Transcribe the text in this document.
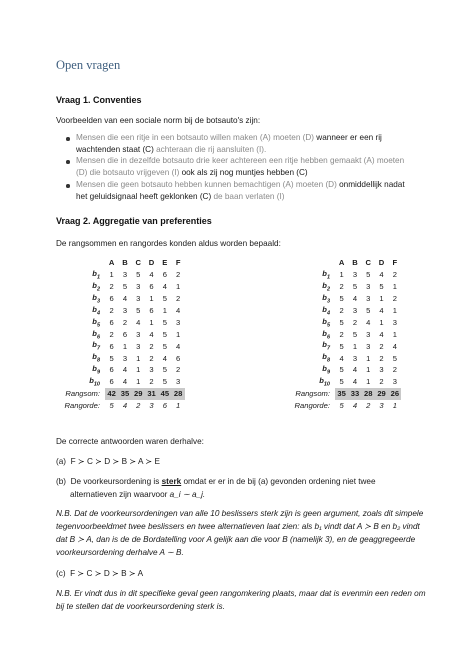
Open vragen
Vraag 1. Conventies
Voorbeelden van een sociale norm bij de botsauto's zijn:
Mensen die een ritje in een botsauto willen maken (A) moeten (D) wanneer er een rij wachtenden staat (C) achteraan die rij aansluiten (I).
Mensen die in dezelfde botsauto drie keer achtereen een ritje hebben gemaakt (A) moeten (D) die botsauto vrijgeven (I) ook als zij nog muntjes hebben (C)
Mensen die geen botsauto hebben kunnen bemachtigen (A) moeten (D) onmiddellijk nadat het geluidsignaal heeft geklonken (C) de baan verlaten (I)
Vraag 2. Aggregatie van preferenties
De rangsommen en rangordes konden aldus worden bepaald:
	A	B	C	D	E	F
$b_1$	1	3	5	4	6	2
$b_2$	2	5	3	6	4	1
$b_3$	6	4	3	1	5	2
$b_4$	2	3	5	6	1	4
$b_5$	6	2	4	1	5	3
$b_6$	2	6	3	4	5	1
$b_7$	6	1	3	2	5	4
$b_8$	5	3	1	2	4	6
$b_9$	6	4	1	3	5	2
$b_{10}$	6	4	1	2	5	3
Rangsom:	42	35	29	31	45	28
Rangorde:	5	4	2	3	6	1
	A	B	C	D	F
$b_1$	1	3	5	4	2
$b_2$	2	5	3	5	1
$b_3$	5	4	3	1	2
$b_4$	2	3	5	4	1
$b_5$	5	2	4	1	3
$b_6$	2	5	3	4	1
$b_7$	5	1	3	2	4
$b_8$	4	3	1	2	5
$b_9$	5	4	1	3	2
$b_{10}$	5	4	1	2	3
Rangsom:	35	33	28	29	26
Rangorde:	5	4	2	3	1
De correcte antwoorden waren derhalve:
(a) F ≻ C ≻ D ≻ B ≻ A ≻ E
(b) De voorkeursordening is sterk omdat er er in de bij (a) gevonden ordening niet twee
alternatieven zijn waarvoor a_i ∼ a_j.
N.B. Dat de voorkeursordeningen van alle 10 beslissers sterk zijn is geen argument, zoals dit simpele
tegenvoorbeeldmet twee beslissers en twee alternatieven laat zien: als b₁ vindt dat A ≻ B en b₂ vindt
dat B ≻ A, dan is de de Bordatelling voor A gelijk aan die voor B (namelijk 3), en de geaggregeerde
voorkeursordening derhalve A ∼ B.
(c) F ≻ C ≻ D ≻ B ≻ A
N.B. Er vindt dus in dit specifieke geval geen rangomkering plaats, maar dat is evenmin een reden om
bij te stellen dat de voorkeursordening sterk is.
